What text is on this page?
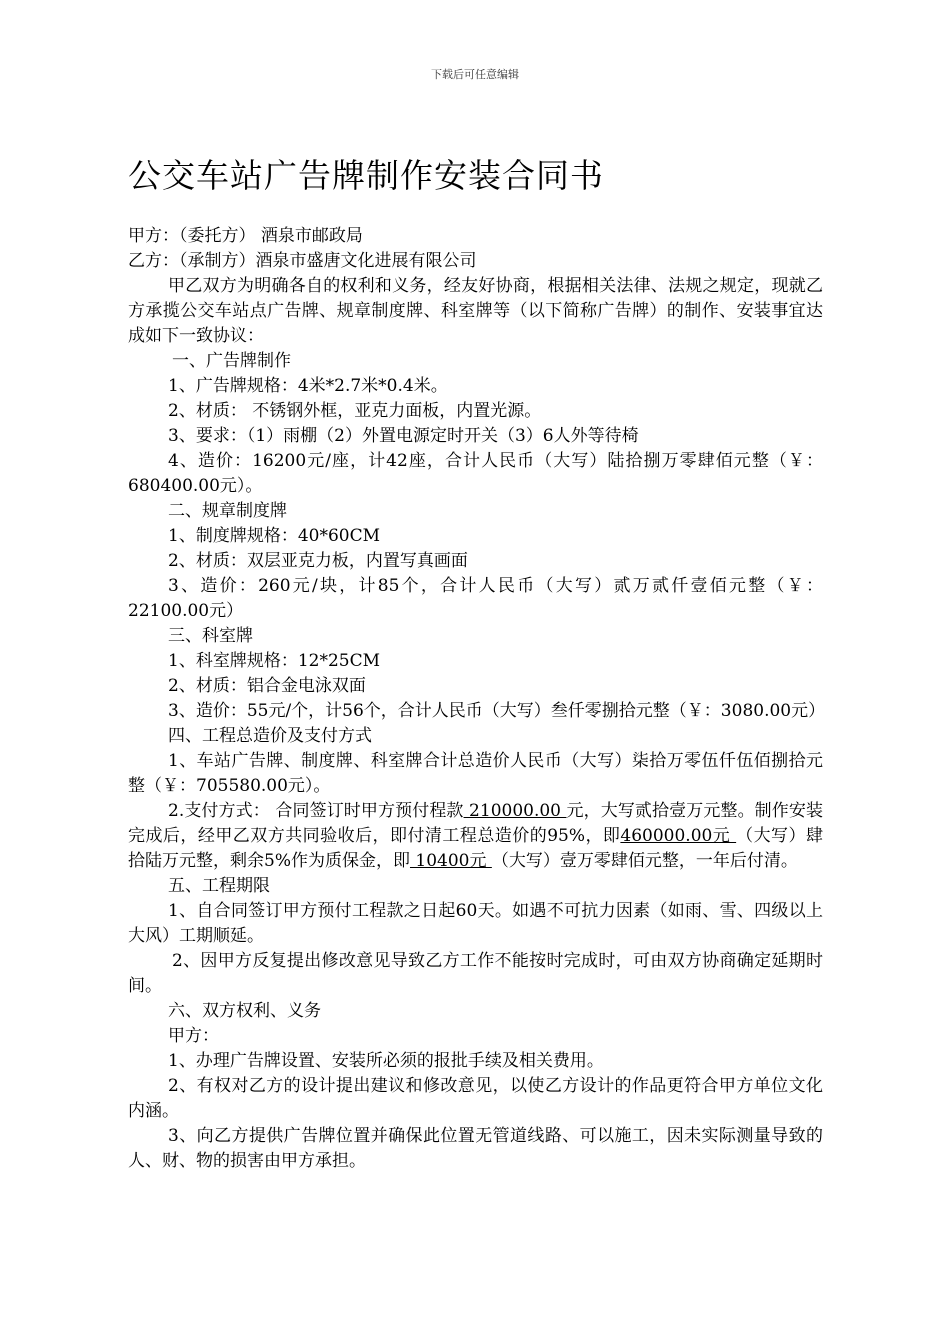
下载后可任意编辑
公交车站广告牌制作安装合同书

甲方：（委托方） 酒泉市邮政局

乙方：（承制方）酒泉市盛唐文化进展有限公司

甲乙双方为明确各自的权利和义务，经友好协商，根据相关法律、法规之规定，现就乙方承揽公交车站点广告牌、规章制度牌、科室牌等（以下简称广告牌）的制作、安装事宜达成如下一致协议：

一、广告牌制作

1、广告牌规格：4米*2.7米*0.4米。

2、材质： 不锈钢外框，亚克力面板，内置光源。

3、要求：（1）雨棚（2）外置电源定时开关（3）6人外等待椅

4、造价：16200元/座，计42座，合计人民币（大写）陆拾捌万零肆佰元整（￥：680400.00元）。

二、规章制度牌

1、制度牌规格：40*60CM

2、材质：双层亚克力板，内置写真画面

3、造价：260元/块，计85个，合计人民币（大写）贰万贰仟壹佰元整（￥：22100.00元）

三、科室牌

1、科室牌规格：12*25CM

2、材质：铝合金电泳双面

3、造价：55元/个，计56个，合计人民币（大写）叁仟零捌拾元整（￥：3080.00元）

四、工程总造价及支付方式

1、车站广告牌、制度牌、科室牌合计总造价人民币（大写）柒拾万零伍仟伍佰捌拾元整（￥：705580.00元）。

2.支付方式： 合同签订时甲方预付程款 210000.00 元，大写贰拾壹万元整。制作安装完成后，经甲乙双方共同验收后，即付清工程总造价的95%，即460000.00元 （大写）肆拾陆万元整，剩余5%作为质保金，即 10400元 （大写）壹万零肆佰元整，一年后付清。

五、工程期限

1、自合同签订甲方预付工程款之日起60天。如遇不可抗力因素（如雨、雪、四级以上大风）工期顺延。

2、因甲方反复提出修改意见导致乙方工作不能按时完成时，可由双方协商确定延期时间。

六、双方权利、义务

甲方：

1、办理广告牌设置、安装所必须的报批手续及相关费用。

2、有权对乙方的设计提出建议和修改意见，以使乙方设计的作品更符合甲方单位文化内涵。

3、向乙方提供广告牌位置并确保此位置无管道线路、可以施工，因未实际测量导致的人、财、物的损害由甲方承担。
